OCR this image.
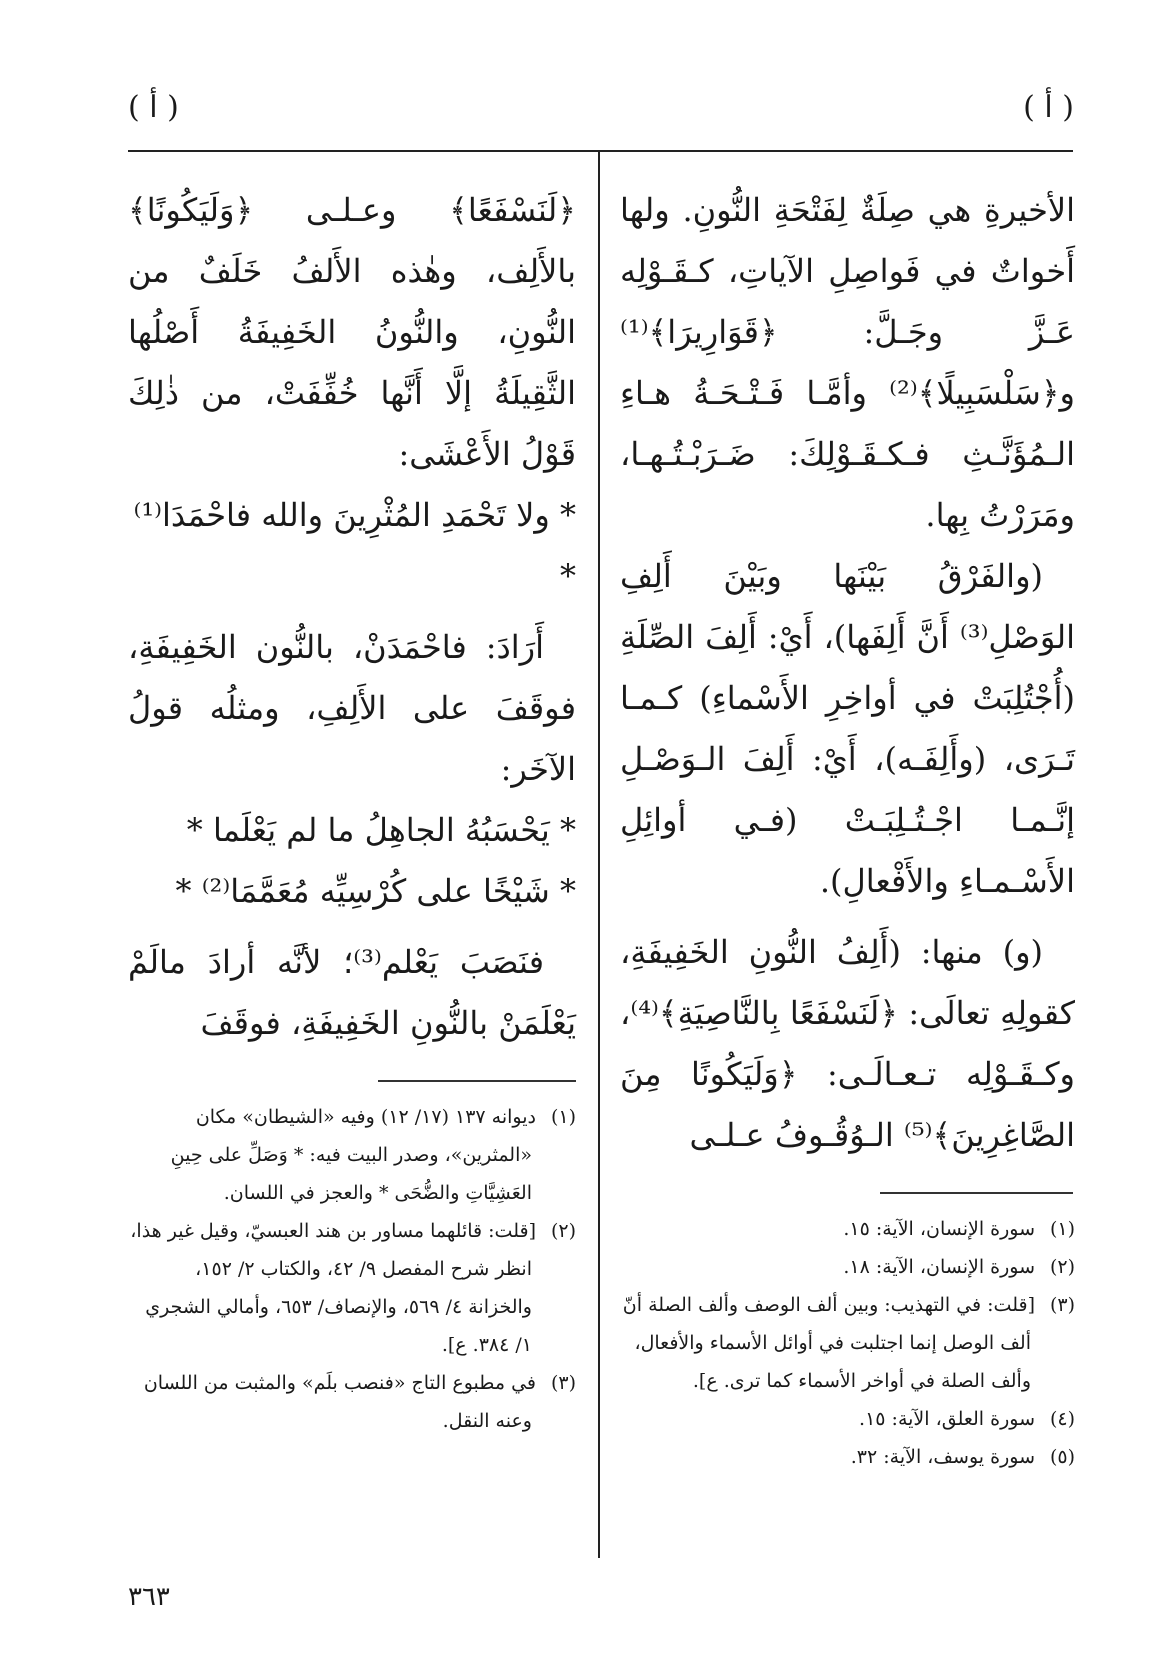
( أ )
( أ )

الأخيرةِ هي صِلَةٌ لِفَتْحَةِ النُّونِ. ولها أَخواتٌ في فَواصِلِ الآياتِ، كـقَـوْلِه عَـزَّ وجَـلَّ: ﴿قَوَارِيرَا﴾⁽¹⁾ و﴿سَلْسَبِيلًا﴾⁽²⁾ وأمَّـا فَـتْـحَـةُ هـاءِ الـمُؤَنَّـثِ فـكـقَـوْلِكَ: ضَـرَبْـتُـهـا، ومَرَرْتُ بِها.

(والفَرْقُ بَيْنَها وبَيْنَ أَلِفِ الوَصْلِ⁽³⁾ أَنَّ أَلِفَها)، أَيْ: أَلِفَ الصِّلَةِ (أُجْتُلِبَتْ في أواخِرِ الأَسْماءِ) كـمـا تَـرَى، (وأَلِفَـه)، أَيْ: أَلِفَ الـوَصْـلِ إنَّـمـا اجْـتُـلِبَـتْ (فـي أوائِلِ الأَسْـمـاءِ والأَفْعالِ).

(و) منها: (أَلِفُ النُّونِ الخَفِيفَةِ، كقولِهِ تعالَى: ﴿لَنَسْفَعًا بِالنَّاصِيَةِ﴾⁽⁴⁾، وكـقَـوْلِه تـعـالَـى: ﴿وَلَيَكُونًا مِنَ الصَّاغِرِينَ﴾⁽⁵⁾ الـوُقُـوفُ عـلـى

﴿لَنَسْفَعًا﴾ وعـلـى ﴿وَلَيَكُونًا﴾ بالأَلِف، وهٰذه الأَلفُ خَلَفٌ من النُّونِ، والنُّونُ الخَفِيفَةُ أَصْلُها الثَّقِيلَةُ إلَّا أَنَّها خُفِّفَتْ، من ذٰلِكَ قَوْلُ الأَعْشَى:

* ولا تَحْمَدِ المُثْرِينَ والله فاحْمَدَا⁽¹⁾ *

أَرَادَ: فاحْمَدَنْ، بالنُّون الخَفِيفَةِ، فوقَفَ على الأَلِفِ، ومثلُه قولُ الآخَر:

* يَحْسَبُهُ الجاهِلُ ما لم يَعْلَما *

* شَيْخًا على كُرْسِيِّه مُعَمَّمَا⁽²⁾ *

فنَصَبَ يَعْلم⁽³⁾؛ لأنَّه أرادَ مالَمْ يَعْلَمَنْ بالنُّونِ الخَفِيفَةِ، فوقَفَ

(١)سورة الإنسان، الآية: ١٥.
(٢)سورة الإنسان، الآية: ١٨.
(٣)[قلت: في التهذيب: وبين ألف الوصف وألف الصلة أنّ ألف الوصل إنما اجتلبت في أوائل الأسماء والأفعال، وألف الصلة في أواخر الأسماء كما ترى. ع].
(٤)سورة العلق، الآية: ١٥.
(٥)سورة يوسف، الآية: ٣٢.
(١)ديوانه ١٣٧ (١٧/ ١٢) وفيه «الشيطان» مكان «المثرين»، وصدر البيت فيه: * وَصَلِّ على حِينِ العَشِيَّاتِ والضُّحَى * والعجز في اللسان.
(٢)[قلت: قائلهما مساور بن هند العبسيّ، وقيل غير هذا، انظر شرح المفصل ٩/ ٤٢، والكتاب ٢/ ١٥٢، والخزانة ٤/ ٥٦٩، والإنصاف/ ٦٥٣، وأمالي الشجري ١/ ٣٨٤. ع].
(٣)في مطبوع التاج «فنصب بلَم» والمثبت من اللسان وعنه النقل.
٣٦٣
